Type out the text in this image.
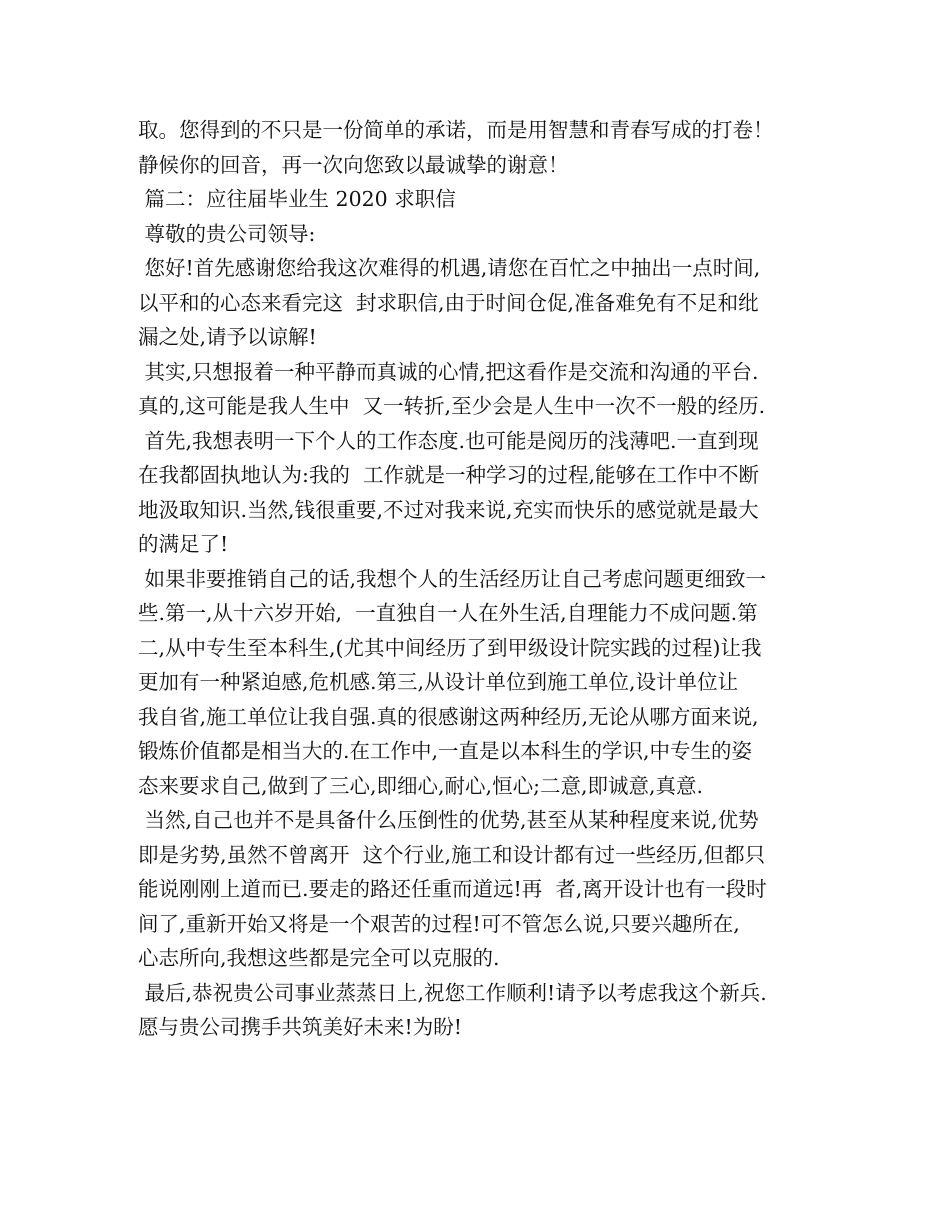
取。您得到的不只是一份简单的承诺，而是用智慧和青春写成的打卷！
静候你的回音，再一次向您致以最诚挚的谢意！
篇二：应往届毕业生 2020 求职信
尊敬的贵公司领导:
您好!首先感谢您给我这次难得的机遇,请您在百忙之中抽出一点时间,
以平和的心态来看完这  封求职信,由于时间仓促,准备难免有不足和纰
漏之处,请予以谅解!
其实,只想报着一种平静而真诚的心情,把这看作是交流和沟通的平台.
真的,这可能是我人生中  又一转折,至少会是人生中一次不一般的经历.
首先,我想表明一下个人的工作态度.也可能是阅历的浅薄吧.一直到现
在我都固执地认为:我的  工作就是一种学习的过程,能够在工作中不断
地汲取知识.当然,钱很重要,不过对我来说,充实而快乐的感觉就是最大
的满足了!
如果非要推销自己的话,我想个人的生活经历让自己考虑问题更细致一
些.第一,从十六岁开始,  一直独自一人在外生活,自理能力不成问题.第
二,从中专生至本科生,(尤其中间经历了到甲级设计院实践的过程)让我
更加有一种紧迫感,危机感.第三,从设计单位到施工单位,设计单位让
我自省,施工单位让我自强.真的很感谢这两种经历,无论从哪方面来说,
锻炼价值都是相当大的.在工作中,一直是以本科生的学识,中专生的姿
态来要求自己,做到了三心,即细心,耐心,恒心;二意,即诚意,真意.
当然,自己也并不是具备什么压倒性的优势,甚至从某种程度来说,优势
即是劣势,虽然不曾离开  这个行业,施工和设计都有过一些经历,但都只
能说刚刚上道而已.要走的路还任重而道远!再  者,离开设计也有一段时
间了,重新开始又将是一个艰苦的过程!可不管怎么说,只要兴趣所在,
心志所向,我想这些都是完全可以克服的.
最后,恭祝贵公司事业蒸蒸日上,祝您工作顺利!请予以考虑我这个新兵.
愿与贵公司携手共筑美好未来!为盼!
